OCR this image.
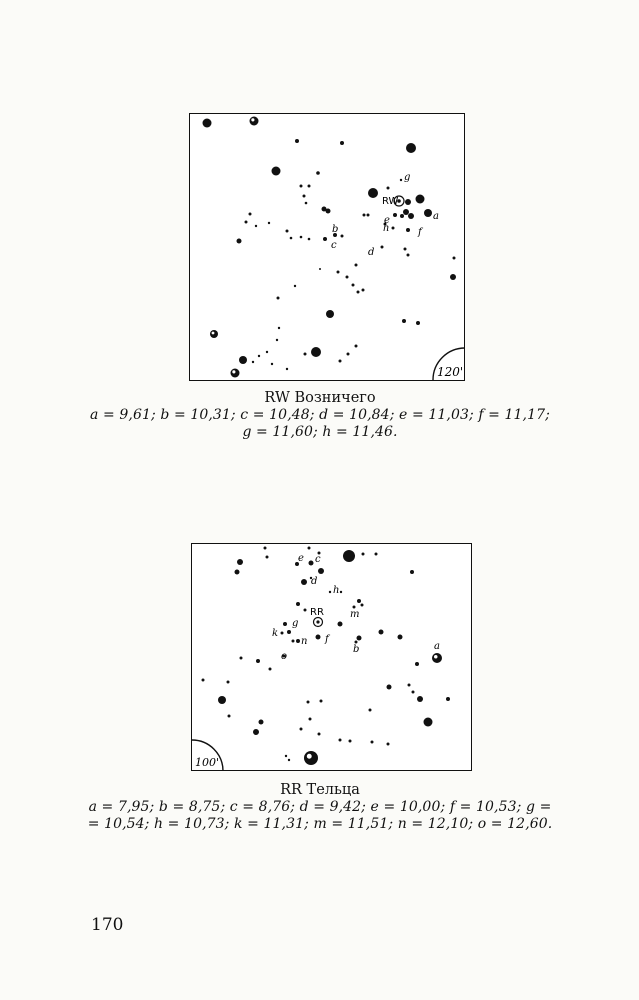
120'
RW
a
b
c
d
e
f
g
h
RW Возничего
a = 9,61; b = 10,31; c = 10,48; d = 10,84; e = 11,03; f = 11,17;
g = 11,60; h = 11,46.
100'
RR
a
b
c
d
e
f
g
h
k
m
n
o
RR Тельца
a = 7,95; b = 8,75; c = 8,76; d = 9,42; e = 10,00; f = 10,53; g =
= 10,54; h = 10,73; k = 11,31; m = 11,51; n = 12,10; o = 12,60.
170
